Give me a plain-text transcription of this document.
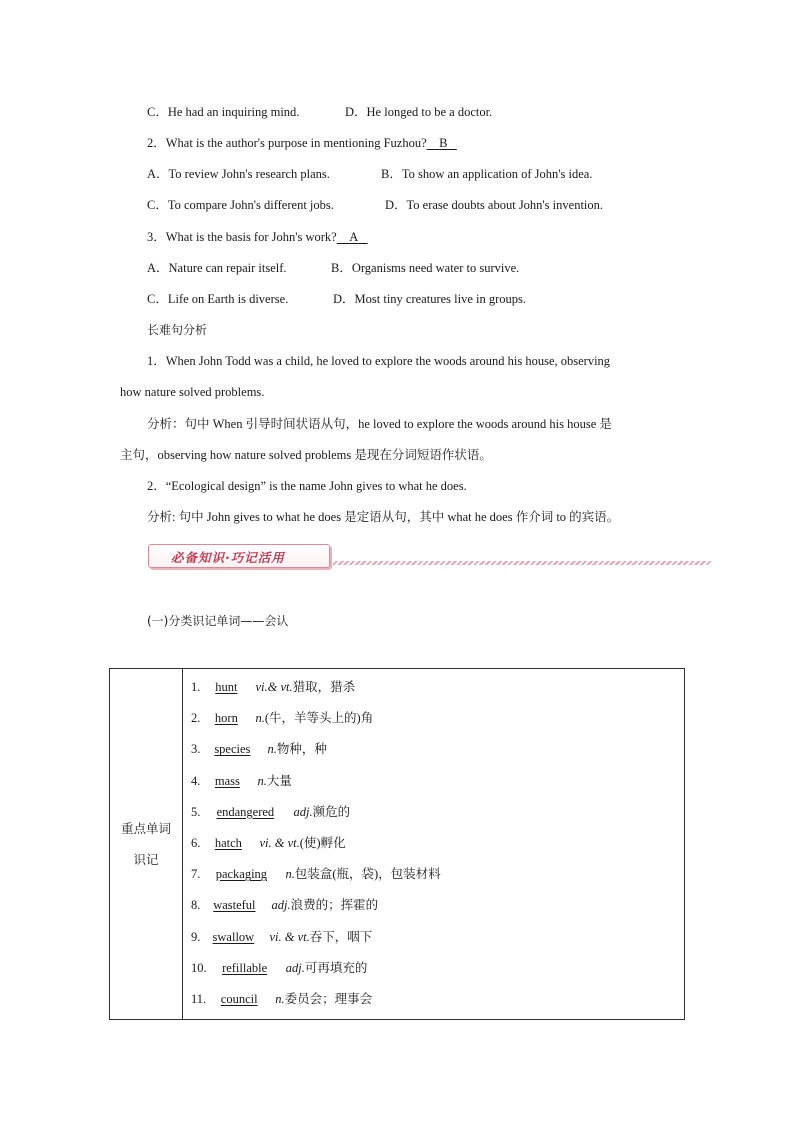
C．He had an inquiring mind.	D．He longed to be a doctor.
2．What is the author's purpose in mentioning Fuzhou? B
A．To review John's research plans.	B．To show an application of John's idea.
C．To compare John's different jobs.	D．To erase doubts about John's invention.
3．What is the basis for John's work? A
A．Nature can repair itself.	B．Organisms need water to survive.
C．Life on Earth is diverse.	D．Most tiny creatures live in groups.
长难句分析
1．When John Todd was a child, he loved to explore the woods around his house, observing
how nature solved problems.
分析：句中 When 引导时间状语从句，he loved to explore the woods around his house 是
主句，observing how nature solved problems 是现在分词短语作状语。
2．“Ecological design” is the name John gives to what he does.
分析: 句中 John gives to what he does 是定语从句，其中 what he does 作介词 to 的宾语。
必备知识·巧记活用
(一)分类识记单词——会认
重点单词
识记

1. hunt vi.& vt.猎取，猎杀
2. horn n.(牛，羊等头上的)角
3. species n.物种，种
4. mass n.大量
5. endangered adj.濒危的
6. hatch vi. & vt.(使)孵化
7. packaging n.包装盒(瓶，袋)，包装材料
8. wasteful adj.浪费的；挥霍的
9. swallow vi. & vt.吞下，咽下
10. refillable adj.可再填充的
11. council n.委员会；理事会
